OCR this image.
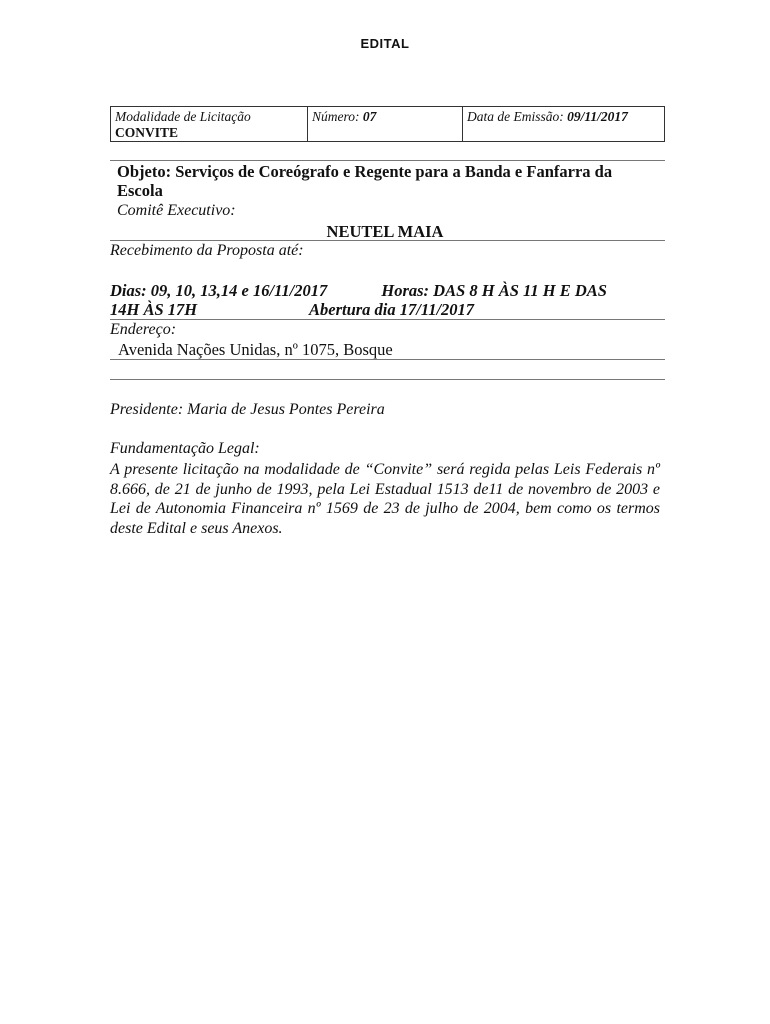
EDITAL
Modalidade de Licitação
CONVITE
Número: 07	Data de Emissão: 09/11/2017
Objeto: Serviços de Coreógrafo e Regente para a Banda e Fanfarra da Escola
Comitê Executivo:
NEUTEL MAIA
Recebimento da Proposta até:
Dias: 09, 10, 13,14 e 16/11/2017	Horas: DAS 8 H ÀS 11 H E DAS
14H ÀS 17H	Abertura dia 17/11/2017
Endereço:
Avenida Nações Unidas, nº 1075, Bosque
Presidente: Maria de Jesus Pontes Pereira
Fundamentação Legal:
A presente licitação na modalidade de “Convite” será regida pelas Leis Federais nº 8.666, de 21 de junho de 1993, pela Lei Estadual 1513 de11 de novembro de 2003 e Lei de Autonomia Financeira nº 1569 de 23 de julho de 2004, bem como os termos deste Edital e seus Anexos.
